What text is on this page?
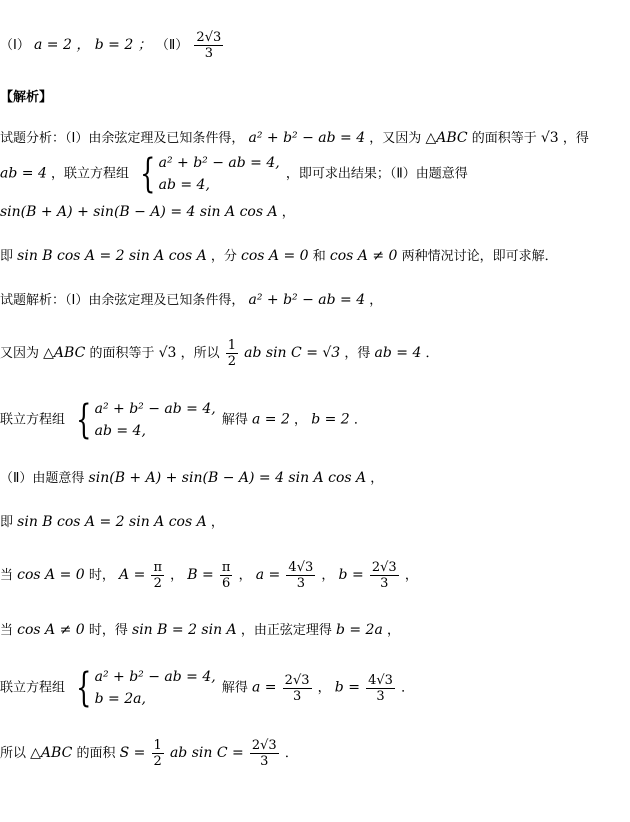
（Ⅰ） a = 2 ， b = 2 ； （Ⅱ） $\frac{2√3}{3}$
【解析】
试题分析：（Ⅰ）由余弦定理及已知条件得， a² + b² − ab = 4 ，又因为 △ABC 的面积等于 √3 ，得
ab = 4 ，联立方程组 { a² + b² − ab = 4,
ab = 4,
，即可求出结果；（Ⅱ）由题意得
sin(B + A) + sin(B − A) = 4 sin A cos A ，
即 sin B cos A = 2 sin A cos A ，分 cos A = 0 和 cos A ≠ 0 两种情况讨论，即可求解．
试题解析：（Ⅰ）由余弦定理及已知条件得， a² + b² − ab = 4 ，
又因为 △ABC 的面积等于 √3 ，所以 $\frac{1}{2}$ ab sin C = √3 ，得 ab = 4 ．
联立方程组 { a² + b² − ab = 4,
ab = 4,
解得 a = 2 ， b = 2 ．
（Ⅱ）由题意得 sin(B + A) + sin(B − A) = 4 sin A cos A ，
即 sin B cos A = 2 sin A cos A ，
当 cos A = 0 时， $A = \frac{\pi}{2}$ ， $B = \frac{\pi}{6}$ ， $a = \frac{4√3}{3}$ ， $b = \frac{2√3}{3}$ ，
当 cos A ≠ 0 时，得 sin B = 2 sin A ，由正弦定理得 b = 2a ，
联立方程组 { a² + b² − ab = 4,
b = 2a,
解得 $a = \frac{2√3}{3}$ ， $b = \frac{4√3}{3}$ ．
所以 △ABC 的面积 $S = \frac{1}{2}$ ab $\sin C = \frac{2√3}{3}$ ．
